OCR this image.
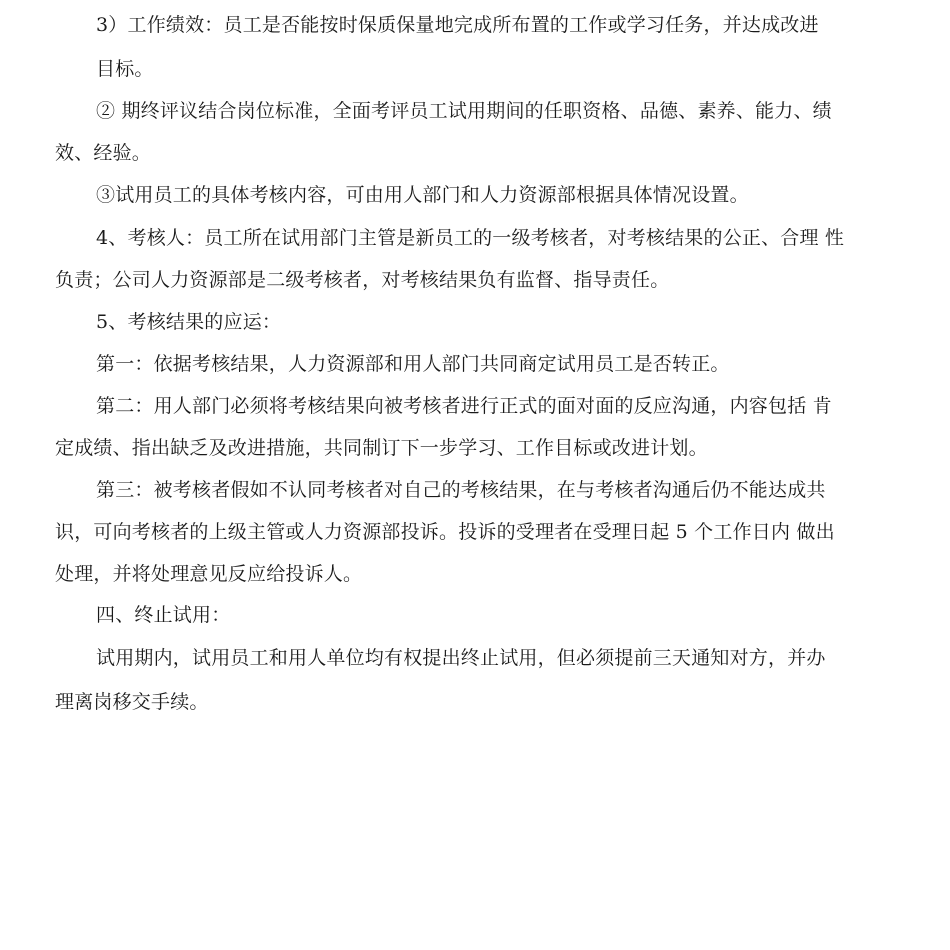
3）工作绩效：员工是否能按时保质保量地完成所布置的工作或学习任务，并达成改进
目标。
② 期终评议结合岗位标准，全面考评员工试用期间的任职资格、品德、素养、能力、绩
效、经验。
③试用员工的具体考核内容，可由用人部门和人力资源部根据具体情况设置。
4、考核人：员工所在试用部门主管是新员工的一级考核者，对考核结果的公正、合理 性
负责；公司人力资源部是二级考核者，对考核结果负有监督、指导责任。
5、考核结果的应运：
第一：依据考核结果，人力资源部和用人部门共同商定试用员工是否转正。
第二：用人部门必须将考核结果向被考核者进行正式的面对面的反应沟通，内容包括 肯
定成绩、指出缺乏及改进措施，共同制订下一步学习、工作目标或改进计划。
第三：被考核者假如不认同考核者对自己的考核结果，在与考核者沟通后仍不能达成共
识，可向考核者的上级主管或人力资源部投诉。投诉的受理者在受理日起 5 个工作日内 做出
处理，并将处理意见反应给投诉人。
四、终止试用：
试用期内，试用员工和用人单位均有权提出终止试用，但必须提前三天通知对方，并办
理离岗移交手续。
